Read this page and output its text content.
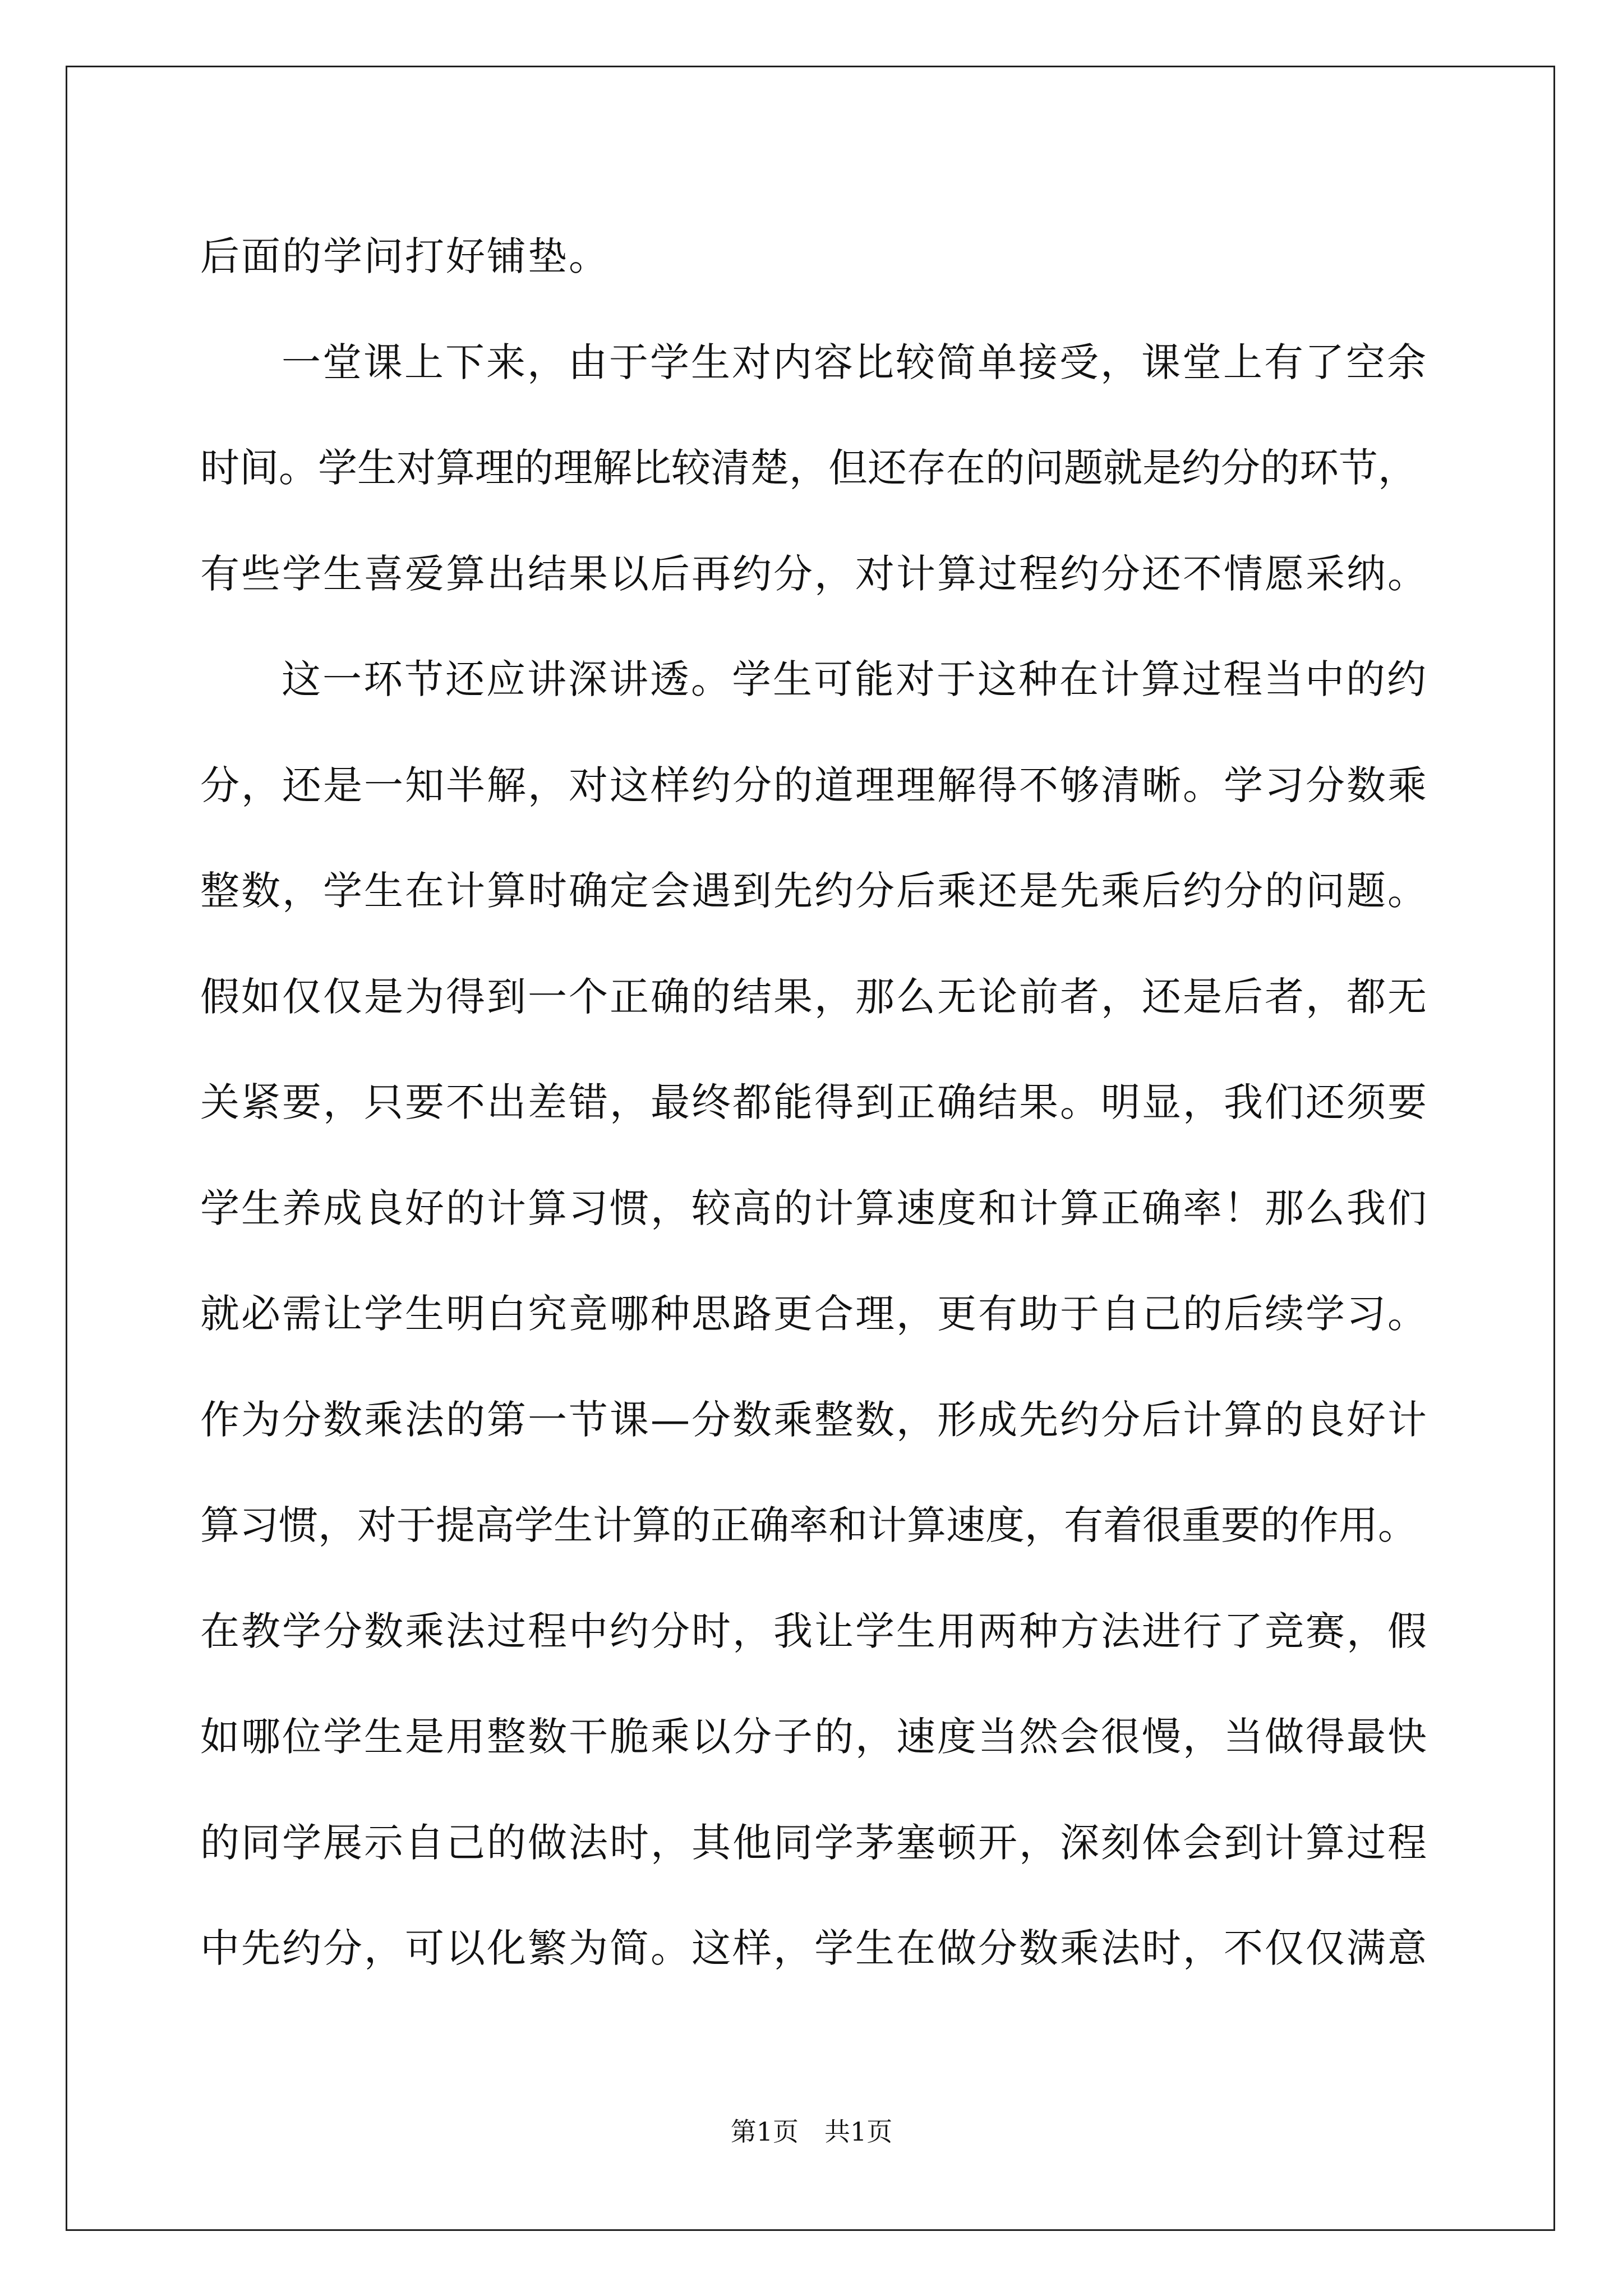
后面的学问打好铺垫。
一堂课上下来，由于学生对内容比较简单接受，课堂上有了空余
时间。学生对算理的理解比较清楚，但还存在的问题就是约分的环节，
有些学生喜爱算出结果以后再约分，对计算过程约分还不情愿采纳。
这一环节还应讲深讲透。学生可能对于这种在计算过程当中的约
分，还是一知半解，对这样约分的道理理解得不够清晰。学习分数乘
整数，学生在计算时确定会遇到先约分后乘还是先乘后约分的问题。
假如仅仅是为得到一个正确的结果，那么无论前者，还是后者，都无
关紧要，只要不出差错，最终都能得到正确结果。明显，我们还须要
学生养成良好的计算习惯，较高的计算速度和计算正确率！那么我们
就必需让学生明白究竟哪种思路更合理，更有助于自己的后续学习。
作为分数乘法的第一节课—分数乘整数，形成先约分后计算的良好计
算习惯，对于提高学生计算的正确率和计算速度，有着很重要的作用。
在教学分数乘法过程中约分时，我让学生用两种方法进行了竞赛，假
如哪位学生是用整数干脆乘以分子的，速度当然会很慢，当做得最快
的同学展示自己的做法时，其他同学茅塞顿开，深刻体会到计算过程
中先约分，可以化繁为简。这样，学生在做分数乘法时，不仅仅满意
第1页 共1页
